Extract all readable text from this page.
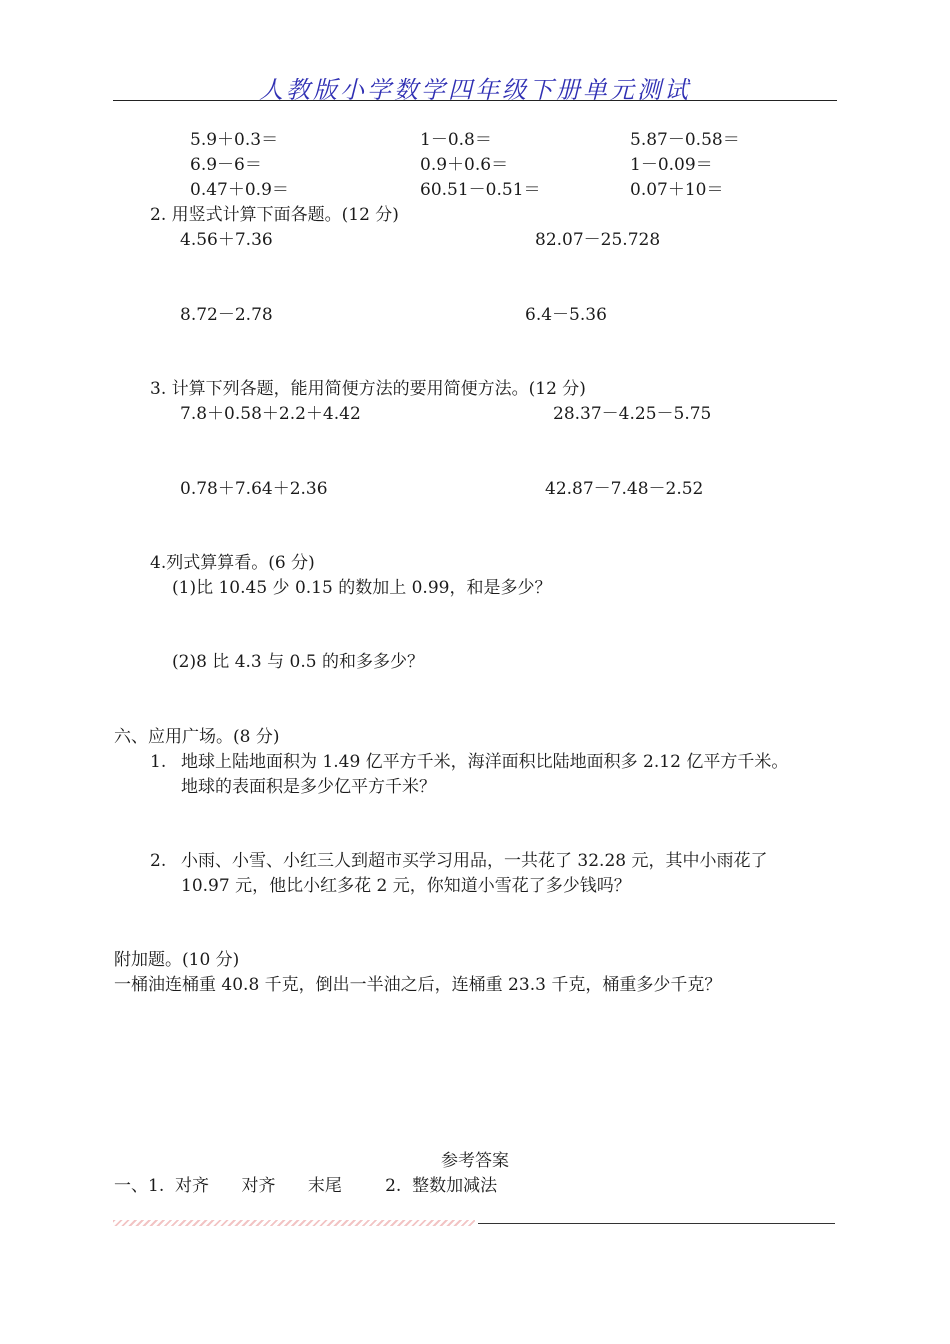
人教版小学数学四年级下册单元测试
5.9＋0.3＝	1－0.8＝	5.87－0.58＝
6.9－6＝	0.9＋0.6＝	1－0.09＝
0.47＋0.9＝	60.51－0.51＝	0.07＋10＝
2. 用竖式计算下面各题。(12 分)
4.56＋7.36	82.07－25.728
8.72－2.78	6.4－5.36
3. 计算下列各题，能用简便方法的要用简便方法。(12 分)
7.8＋0.58＋2.2＋4.42	28.37－4.25－5.75
0.78＋7.64＋2.36	42.87－7.48－2.52
4.列式算算看。(6 分)
(1)比 10.45 少 0.15 的数加上 0.99，和是多少？
(2)8 比 4.3 与 0.5 的和多多少？
六、应用广场。(8 分)
1. 地球上陆地面积为 1.49 亿平方千米，海洋面积比陆地面积多 2.12 亿平方千米。
地球的表面积是多少亿平方千米？
2. 小雨、小雪、小红三人到超市买学习用品，一共花了 32.28 元，其中小雨花了
10.97 元，他比小红多花 2 元，你知道小雪花了多少钱吗？
附加题。(10 分)
一桶油连桶重 40.8 千克，倒出一半油之后，连桶重 23.3 千克，桶重多少千克？
参考答案
一、1.  对齐      对齐      末尾        2.  整数加减法
